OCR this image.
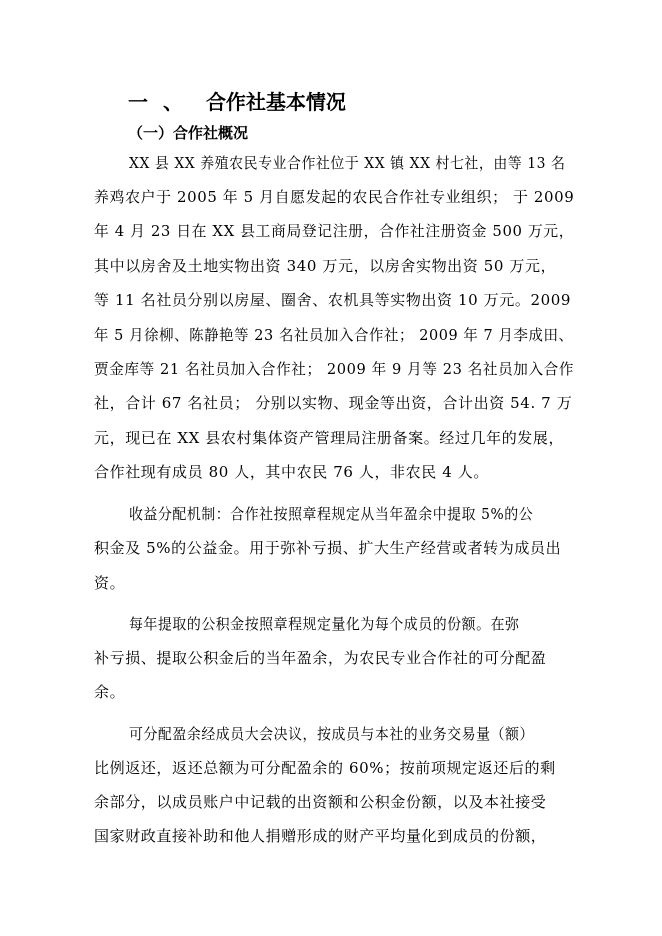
一 、 合作社基本情况
（一）合作社概况
XX 县 XX 养殖农民专业合作社位于 XX 镇 XX 村七社，由等 13 名
养鸡农户于 2005 年 5 月自愿发起的农民合作社专业组织； 于 2009
年 4 月 23 日在 XX 县工商局登记注册，合作社注册资金 500 万元，
其中以房舍及土地实物出资 340 万元，以房舍实物出资 50 万元，
等 11 名社员分别以房屋、圈舍、农机具等实物出资 10 万元。2009
年 5 月徐柳、陈静艳等 23 名社员加入合作社； 2009 年 7 月李成田、
贾金库等 21 名社员加入合作社； 2009 年 9 月等 23 名社员加入合作
社，合计 67 名社员； 分别以实物、现金等出资，合计出资 54. 7 万
元，现已在 XX 县农村集体资产管理局注册备案。经过几年的发展，
合作社现有成员 80 人，其中农民 76 人，非农民 4 人。
收益分配机制：合作社按照章程规定从当年盈余中提取 5%的公
积金及 5%的公益金。用于弥补亏损、扩大生产经营或者转为成员出
资。
每年提取的公积金按照章程规定量化为每个成员的份额。在弥
补亏损、提取公积金后的当年盈余，为农民专业合作社的可分配盈
余。
可分配盈余经成员大会决议，按成员与本社的业务交易量（额）
比例返还，返还总额为可分配盈余的 60%；按前项规定返还后的剩
余部分，以成员账户中记载的出资额和公积金份额，以及本社接受
国家财政直接补助和他人捐赠形成的财产平均量化到成员的份额，
